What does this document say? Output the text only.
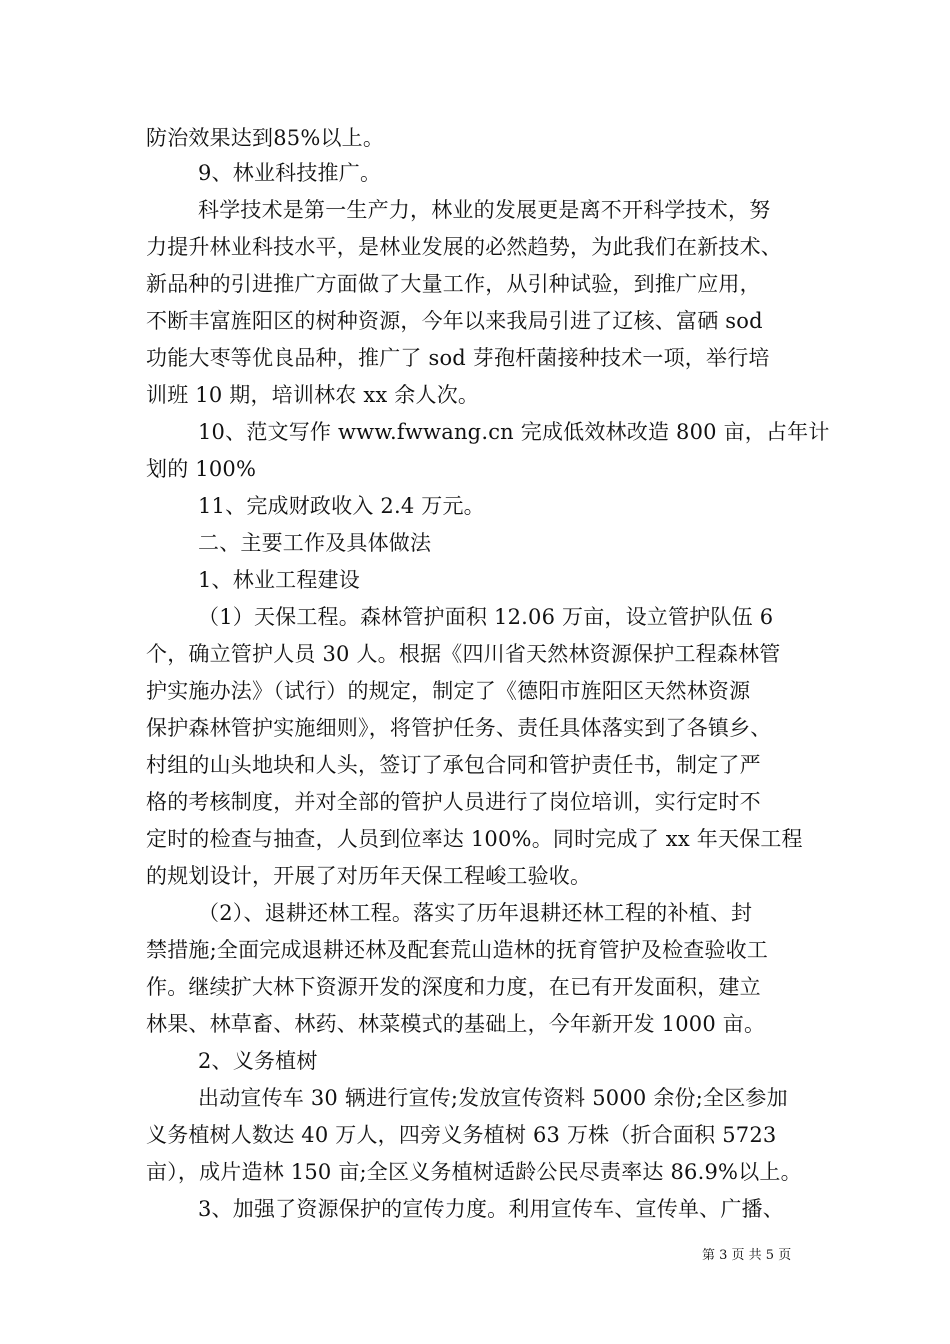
防治效果达到85%以上。
9、林业科技推广。
科学技术是第一生产力，林业的发展更是离不开科学技术，努
力提升林业科技水平，是林业发展的必然趋势，为此我们在新技术、
新品种的引进推广方面做了大量工作，从引种试验，到推广应用，
不断丰富旌阳区的树种资源，今年以来我局引进了辽核、富硒 sod
功能大枣等优良品种，推广了 sod 芽孢杆菌接种技术一项，举行培
训班 10 期，培训林农 xx 余人次。
10、范文写作 www.fwwang.cn 完成低效林改造 800 亩，占年计
划的 100%
11、完成财政收入 2.4 万元。
二、主要工作及具体做法
1、林业工程建设
（1）天保工程。森林管护面积 12.06 万亩，设立管护队伍 6
个，确立管护人员 30 人。根据《四川省天然林资源保护工程森林管
护实施办法》（试行）的规定，制定了《德阳市旌阳区天然林资源
保护森林管护实施细则》，将管护任务、责任具体落实到了各镇乡、
村组的山头地块和人头，签订了承包合同和管护责任书，制定了严
格的考核制度，并对全部的管护人员进行了岗位培训，实行定时不
定时的检查与抽查，人员到位率达 100%。同时完成了 xx 年天保工程
的规划设计，开展了对历年天保工程峻工验收。
（2）、退耕还林工程。落实了历年退耕还林工程的补植、封
禁措施;全面完成退耕还林及配套荒山造林的抚育管护及检查验收工
作。继续扩大林下资源开发的深度和力度，在已有开发面积，建立
林果、林草畜、林药、林菜模式的基础上，今年新开发 1000 亩。
2、义务植树
出动宣传车 30 辆进行宣传;发放宣传资料 5000 余份;全区参加
义务植树人数达 40 万人，四旁义务植树 63 万株（折合面积 5723
亩），成片造林 150 亩;全区义务植树适龄公民尽责率达 86.9%以上。
3、加强了资源保护的宣传力度。利用宣传车、宣传单、广播、
第 3 页 共 5 页
